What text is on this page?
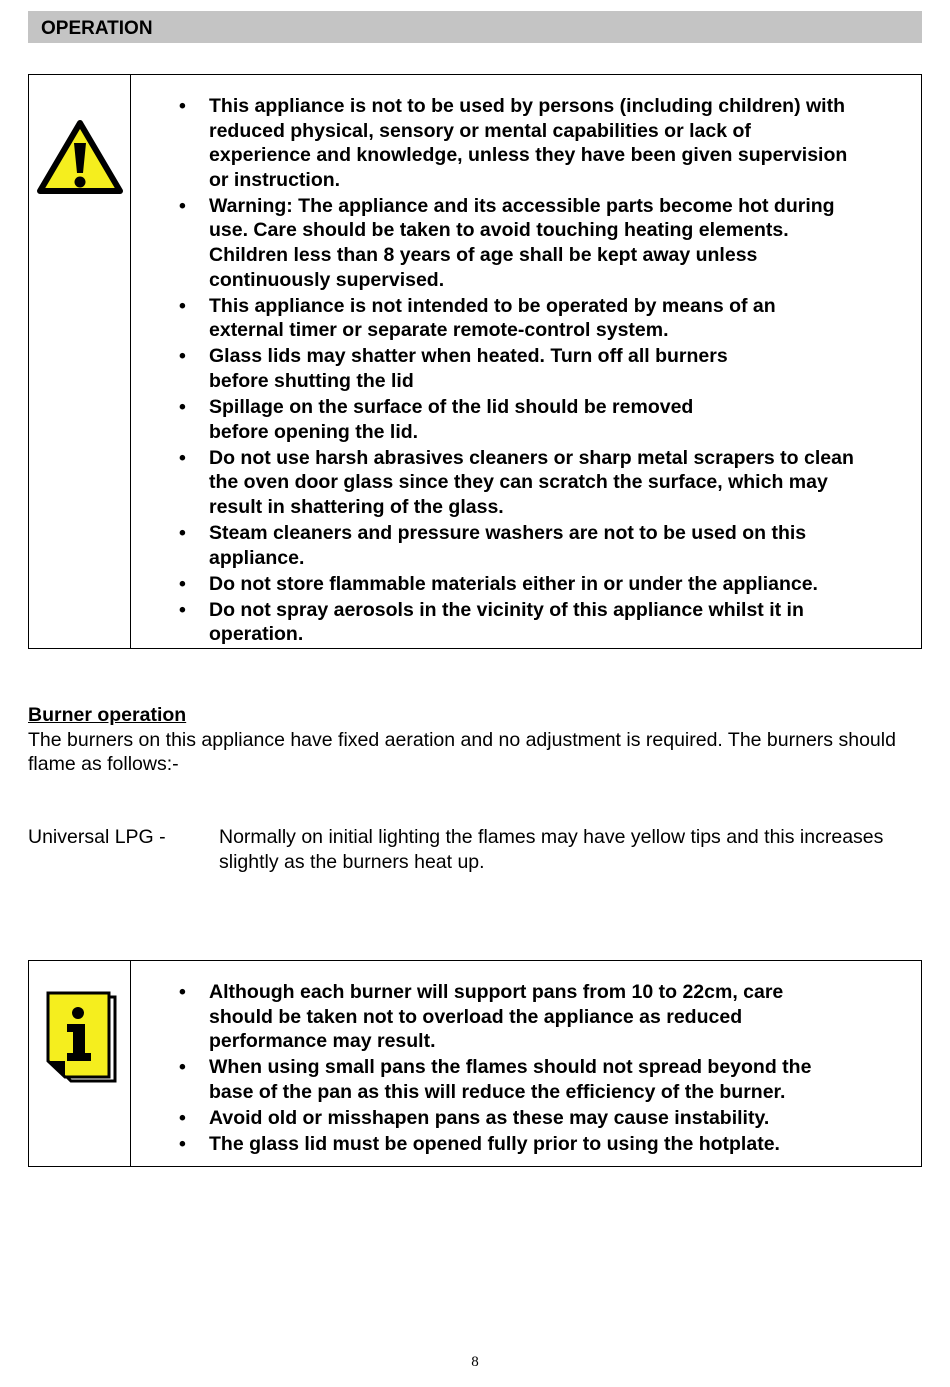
OPERATION
• This appliance is not to be used by persons (including children) with
reduced physical, sensory or mental capabilities or lack of
experience and knowledge, unless they have been given supervision
or instruction.
• Warning: The appliance and its accessible parts become hot during
use. Care should be taken to avoid touching heating elements.
Children less than 8 years of age shall be kept away unless
continuously supervised.
• This appliance is not intended to be operated by means of an
external timer or separate remote-control system.
• Glass lids may shatter when heated. Turn off all burners
before shutting the lid
• Spillage on the surface of the lid should be removed
before opening the lid.
• Do not use harsh abrasives cleaners or sharp metal scrapers to clean
the oven door glass since they can scratch the surface, which may
result in shattering of the glass.
• Steam cleaners and pressure washers are not to be used on this
appliance.
• Do not store flammable materials either in or under the appliance.
• Do not spray aerosols in the vicinity of this appliance whilst it in
operation.
Burner operation
The burners on this appliance have fixed aeration and no adjustment is required. The burners should flame as follows:-
Universal LPG -	Normally on initial lighting the flames may have yellow tips and this increases slightly as the burners heat up.
• Although each burner will support pans from 10 to 22cm, care
should be taken not to overload the appliance as reduced
performance may result.
• When using small pans the flames should not spread beyond the
base of the pan as this will reduce the efficiency of the burner.
• Avoid old or misshapen pans as these may cause instability.
• The glass lid must be opened fully prior to using the hotplate.
8
